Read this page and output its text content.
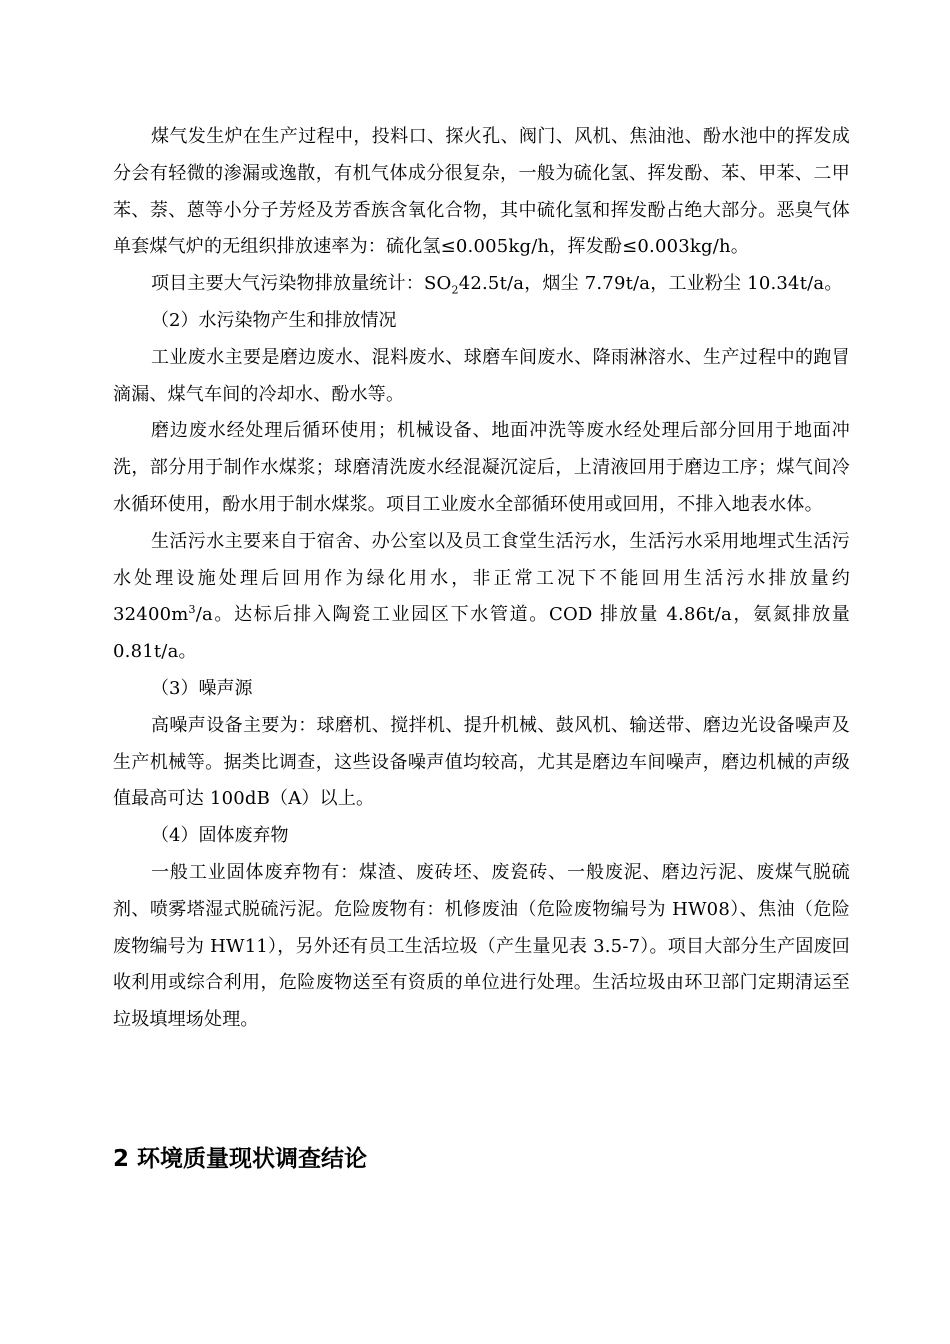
煤气发生炉在生产过程中，投料口、探火孔、阀门、风机、焦油池、酚水池中的挥发成分会有轻微的渗漏或逸散，有机气体成分很复杂，一般为硫化氢、挥发酚、苯、甲苯、二甲苯、萘、蒽等小分子芳烃及芳香族含氧化合物，其中硫化氢和挥发酚占绝大部分。恶臭气体单套煤气炉的无组织排放速率为：硫化氢≤0.005kg/h，挥发酚≤0.003kg/h。

项目主要大气污染物排放量统计：$SO_242.5t/a$，烟尘 7.79t/a，工业粉尘 10.34t/a。

（2）水污染物产生和排放情况

工业废水主要是磨边废水、混料废水、球磨车间废水、降雨淋溶水、生产过程中的跑冒滴漏、煤气车间的冷却水、酚水等。

磨边废水经处理后循环使用；机械设备、地面冲洗等废水经处理后部分回用于地面冲洗，部分用于制作水煤浆；球磨清洗废水经混凝沉淀后，上清液回用于磨边工序；煤气间冷水循环使用，酚水用于制水煤浆。项目工业废水全部循环使用或回用，不排入地表水体。

生活污水主要来自于宿舍、办公室以及员工食堂生活污水，生活污水采用地埋式生活污水处理设施处理后回用作为绿化用水，非正常工况下不能回用生活污水排放量约 $32400m^3/a$。达标后排入陶瓷工业园区下水管道。COD 排放量 4.86t/a，氨氮排放量 0.81t/a。

（3）噪声源

高噪声设备主要为：球磨机、搅拌机、提升机械、鼓风机、输送带、磨边光设备噪声及生产机械等。据类比调查，这些设备噪声值均较高，尤其是磨边车间噪声，磨边机械的声级值最高可达 100dB（A）以上。

（4）固体废弃物

一般工业固体废弃物有：煤渣、废砖坯、废瓷砖、一般废泥、磨边污泥、废煤气脱硫剂、喷雾塔湿式脱硫污泥。危险废物有：机修废油（危险废物编号为 HW08）、焦油（危险废物编号为 HW11），另外还有员工生活垃圾（产生量见表 3.5-7）。项目大部分生产固废回收利用或综合利用，危险废物送至有资质的单位进行处理。生活垃圾由环卫部门定期清运至垃圾填埋场处理。

2 环境质量现状调查结论
